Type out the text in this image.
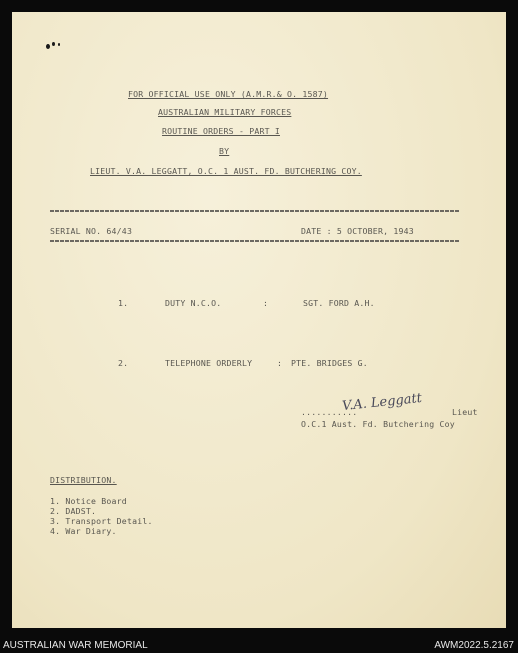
FOR OFFICIAL USE ONLY (A.M.R.& O. 1587)
AUSTRALIAN MILITARY FORCES
ROUTINE ORDERS - PART I
BY
LIEUT. V.A. LEGGATT, O.C. 1 AUST. FD. BUTCHERING COY.
SERIAL NO. 64/43	DATE : 5 OCTOBER, 1943
1.	DUTY N.C.O.	:	SGT. FORD A.H.
2.	TELEPHONE ORDERLY	: PTE. BRIDGES G.
V.A. Leggatt
...........	Lieut
O.C.1 Aust. Fd. Butchering Coy
DISTRIBUTION.
1. Notice Board
2. DADST.
3. Transport Detail.
4. War Diary.
AUSTRALIAN WAR MEMORIAL	AWM2022.5.2167
